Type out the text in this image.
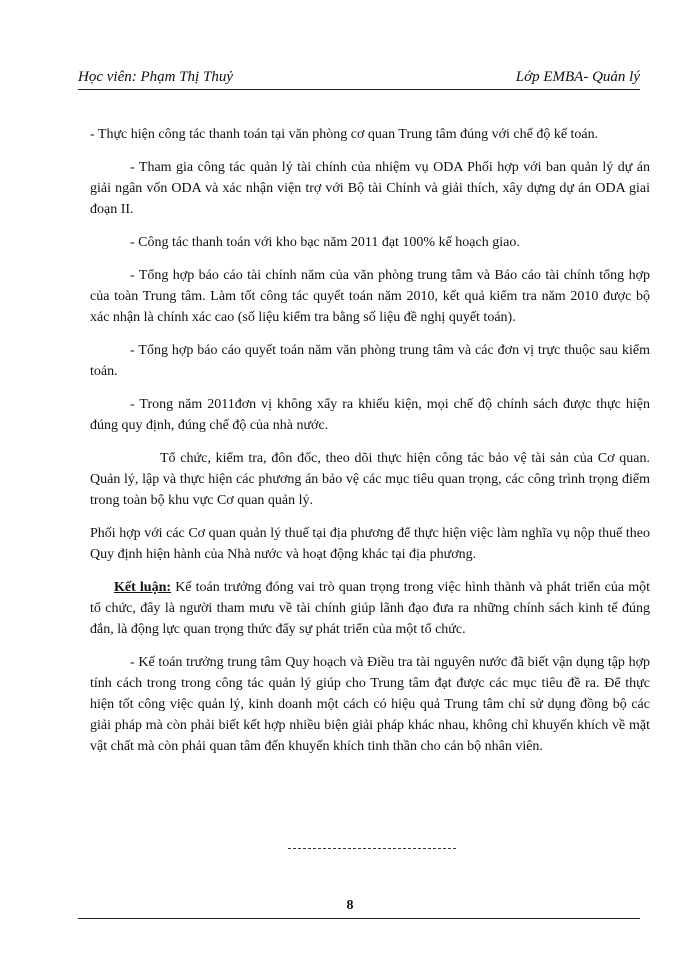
Học viên: Phạm Thị Thuỷ	Lớp EMBA- Quản lý

- Thực hiện công tác thanh toán tại văn phòng cơ quan Trung tâm đúng với chế độ kế toán.

- Tham gia công tác quản lý tài chính của nhiệm vụ ODA Phối hợp với ban quản lý dự án giải ngân vốn ODA và xác nhận viện trợ với Bộ tài Chính và giải thích, xây dựng dự án ODA giai đoạn II.

- Công tác thanh toán với kho bạc năm 2011 đạt 100% kế hoạch giao.

- Tổng hợp báo cáo tài chính năm của văn phòng trung tâm và Báo cáo tài chính tổng hợp của toàn Trung tâm. Làm tốt công tác quyết toán năm 2010, kết quả kiểm tra năm 2010 được bộ xác nhận là chính xác cao (số liệu kiểm tra bằng số liệu đề nghị quyết toán).

- Tổng hợp báo cáo quyết toán năm văn phòng trung tâm và các đơn vị trực thuộc sau kiểm toán.

- Trong năm 2011đơn vị không xẩy ra khiếu kiện, mọi chế độ chính sách được thực hiện đúng quy định, đúng chế độ của nhà nước.

Tổ chức, kiểm tra, đôn đốc, theo dõi thực hiện công tác bảo vệ tài sản của Cơ quan. Quản lý, lập và thực hiện các phương án bảo vệ các mục tiêu quan trọng, các công trình trọng điểm trong toàn bộ khu vực Cơ quan quản lý.

Phối hợp với các Cơ quan quản lý thuế tại địa phương để thực hiện việc làm nghĩa vụ nộp thuế theo Quy định hiện hành của Nhà nước và hoạt động khác tại địa phương.

Kết luận: Kế toán trưởng đóng vai trò quan trọng trong việc hình thành và phát triển của một tổ chức, đây là người tham mưu về tài chính giúp lãnh đạo đưa ra những chính sách kinh tế đúng đắn, là động lực quan trọng thức đẩy sự phát triển của một tổ chức.

- Kế toán trưởng trung tâm Quy hoạch và Điều tra tài nguyên nước đã biết vận dụng tập hợp tính cách trong trong công tác quản lý giúp cho Trung tâm đạt được các mục tiêu đề ra. Để thực hiện tốt công việc quản lý, kinh doanh một cách có hiệu quả Trung tâm chỉ sử dụng đồng bộ các giải pháp mà còn phải biết kết hợp nhiều biện giải pháp khác nhau, không chỉ khuyến khích về mặt vật chất mà còn phải quan tâm đến khuyến khích tinh thần cho cán bộ nhân viên.

8
